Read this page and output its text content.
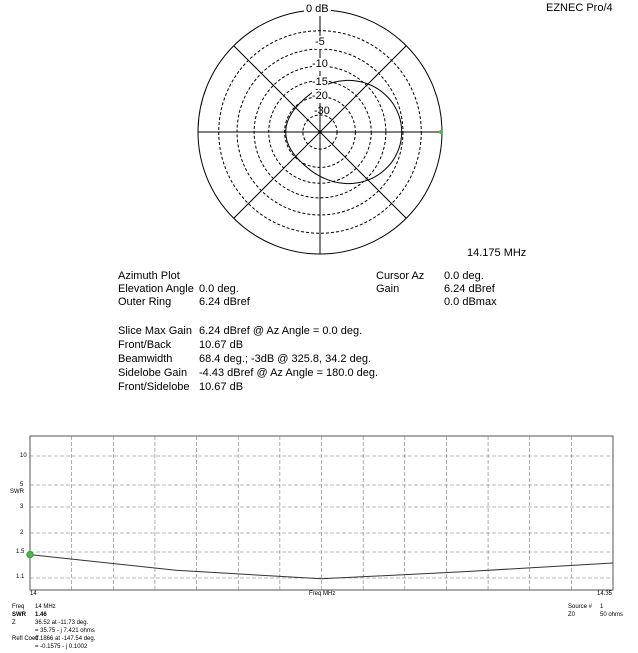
0 dB
-5
-10
-15
-20
-30
EZNEC Pro/4
14.175 MHz
Azimuth Plot
Elevation Angle 0.0 deg.
Outer Ring	6.24 dBref
Cursor Az 0.0 deg.
Gain	6.24 dBref
0.0 dBmax
Slice Max Gain 6.24 dBref @ Az Angle = 0.0 deg.
Front/Back	10.67 dB
Beamwidth 68.4 deg.; -3dB @ 325.8, 34.2 deg.
Sidelobe Gain -4.43 dBref @ Az Angle = 180.0 deg.
Front/Sidelobe 10.67 dB
10
5
SWR
3
2
1.5
1.1
14	Freq MHz	14.35
Freq 14 MHz
SWR 1.46
Z	36.52 at -11.73 deg.
= 35.75 - j 7.421 ohms
Refl Coeff
0.1866 at -147.54 deg.
= -0.1575 - j 0.1002
Source # 1
Z0	50 ohms
